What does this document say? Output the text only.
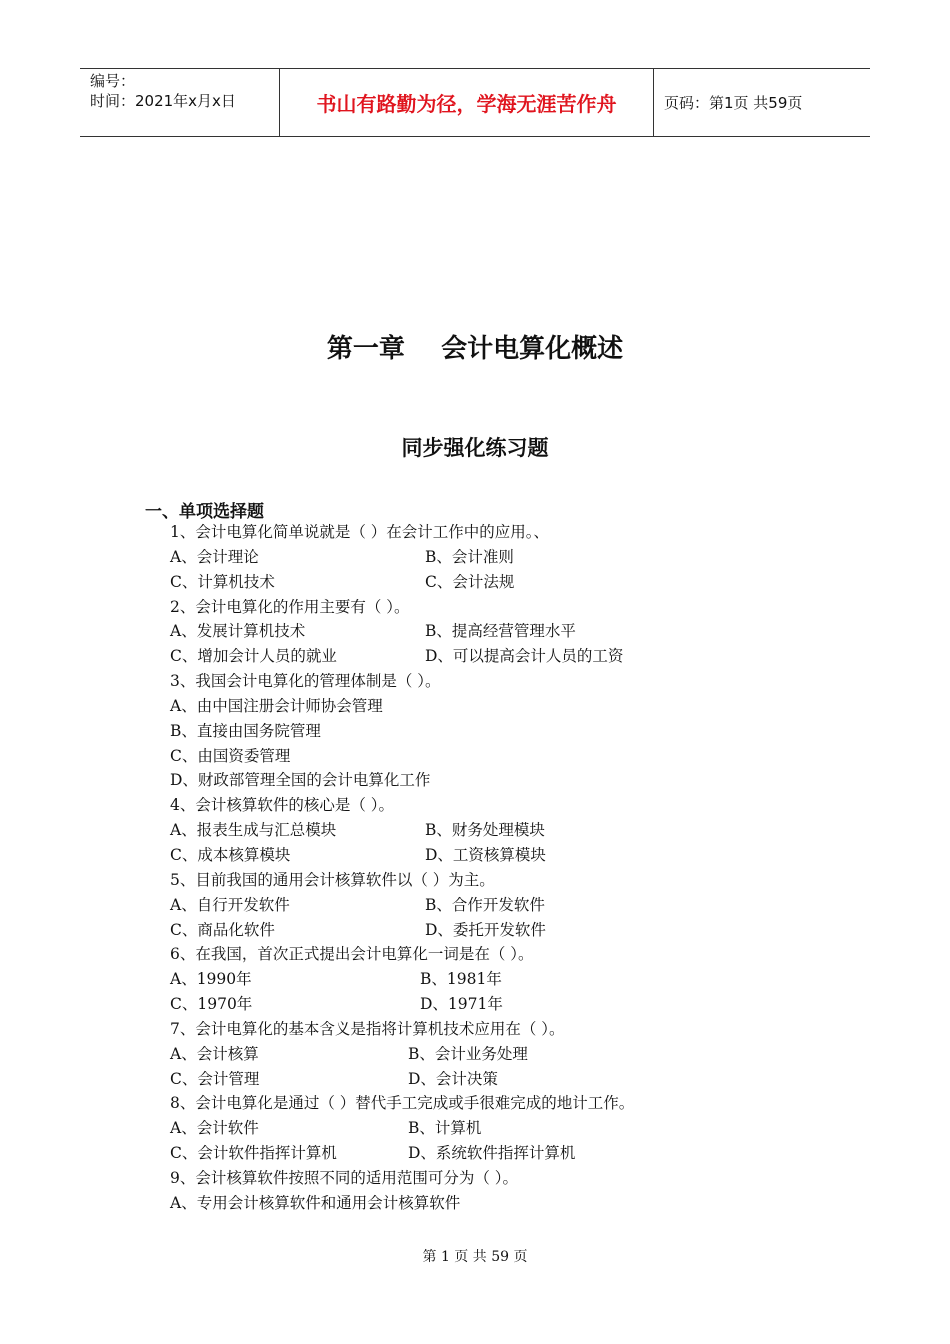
编号：
时间：2021年x月x日	书山有路勤为径，学海无涯苦作舟	页码：第1页 共59页
第一章    会计电算化概述
同步强化练习题
一、单项选择题
1、会计电算化简单说就是（ ）在会计工作中的应用。、
A、会计理论	B、会计准则
C、计算机技术	C、会计法规
2、会计电算化的作用主要有（ ）。
A、发展计算机技术	B、提高经营管理水平
C、增加会计人员的就业	D、可以提高会计人员的工资
3、我国会计电算化的管理体制是（ ）。
A、由中国注册会计师协会管理
B、直接由国务院管理
C、由国资委管理
D、财政部管理全国的会计电算化工作
4、会计核算软件的核心是（ ）。
A、报表生成与汇总模块	B、财务处理模块
C、成本核算模块	D、工资核算模块
5、目前我国的通用会计核算软件以（ ）为主。
A、自行开发软件	B、合作开发软件
C、商品化软件	D、委托开发软件
6、在我国，首次正式提出会计电算化一词是在（ ）。
A、1990年	B、1981年
C、1970年	D、1971年
7、会计电算化的基本含义是指将计算机技术应用在（ ）。
A、会计核算	B、会计业务处理
C、会计管理	D、会计决策
8、会计电算化是通过（ ）替代手工完成或手很难完成的地计工作。
A、会计软件	B、计算机
C、会计软件指挥计算机	D、系统软件指挥计算机
9、会计核算软件按照不同的适用范围可分为（ ）。
A、专用会计核算软件和通用会计核算软件
第 1 页 共 59 页
